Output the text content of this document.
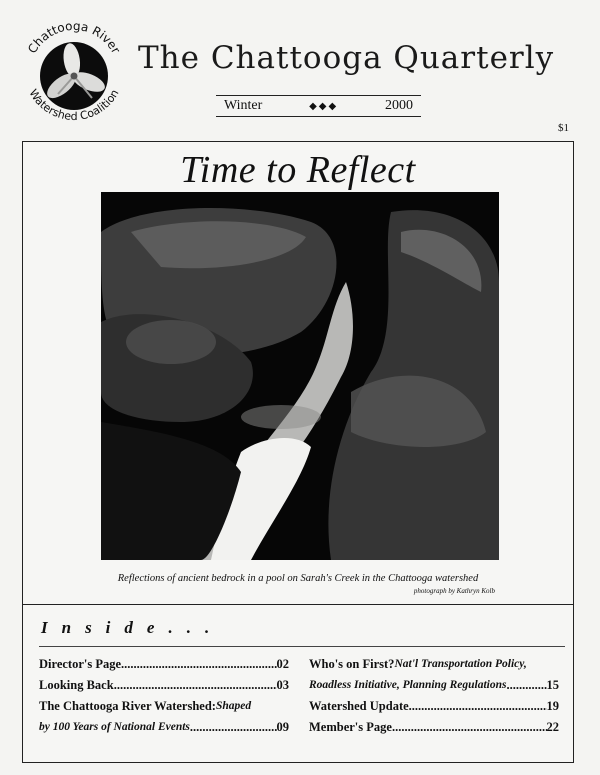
Chattooga River
Watershed Coalition
The Chattooga Quarterly
Winter	◆◆◆	2000
$1
Time to Reflect
Reflections of ancient bedrock in a pool on Sarah's Creek in the Chattooga watershed
photograph by Kathryn Kolb
Inside...
Director's Page .....	02
Looking Back .....	03
The Chattooga River Watershed: Shaped
by 100 Years of National Events .....	09
Who's on First? Nat'l Transportation Policy,
Roadless Initiative, Planning Regulations .....	15
Watershed Update .....	19
Member's Page .....	22
